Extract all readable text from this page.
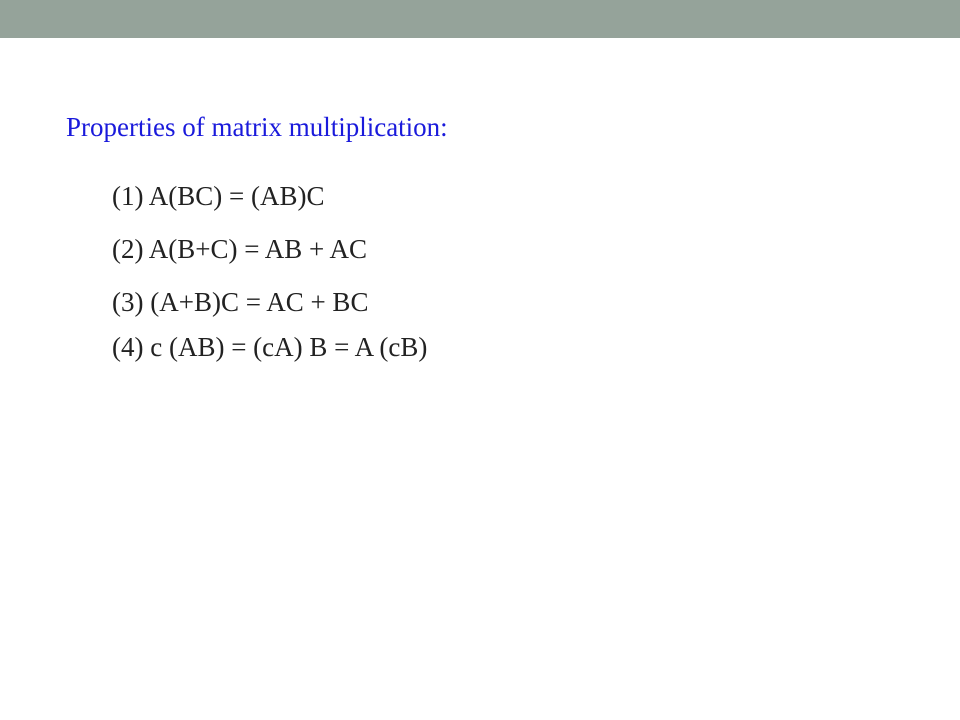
Properties of matrix multiplication:
(1) A(BC) = (AB)C
(2) A(B+C) = AB + AC
(3) (A+B)C = AC + BC
(4) c (AB) = (cA) B = A (cB)
